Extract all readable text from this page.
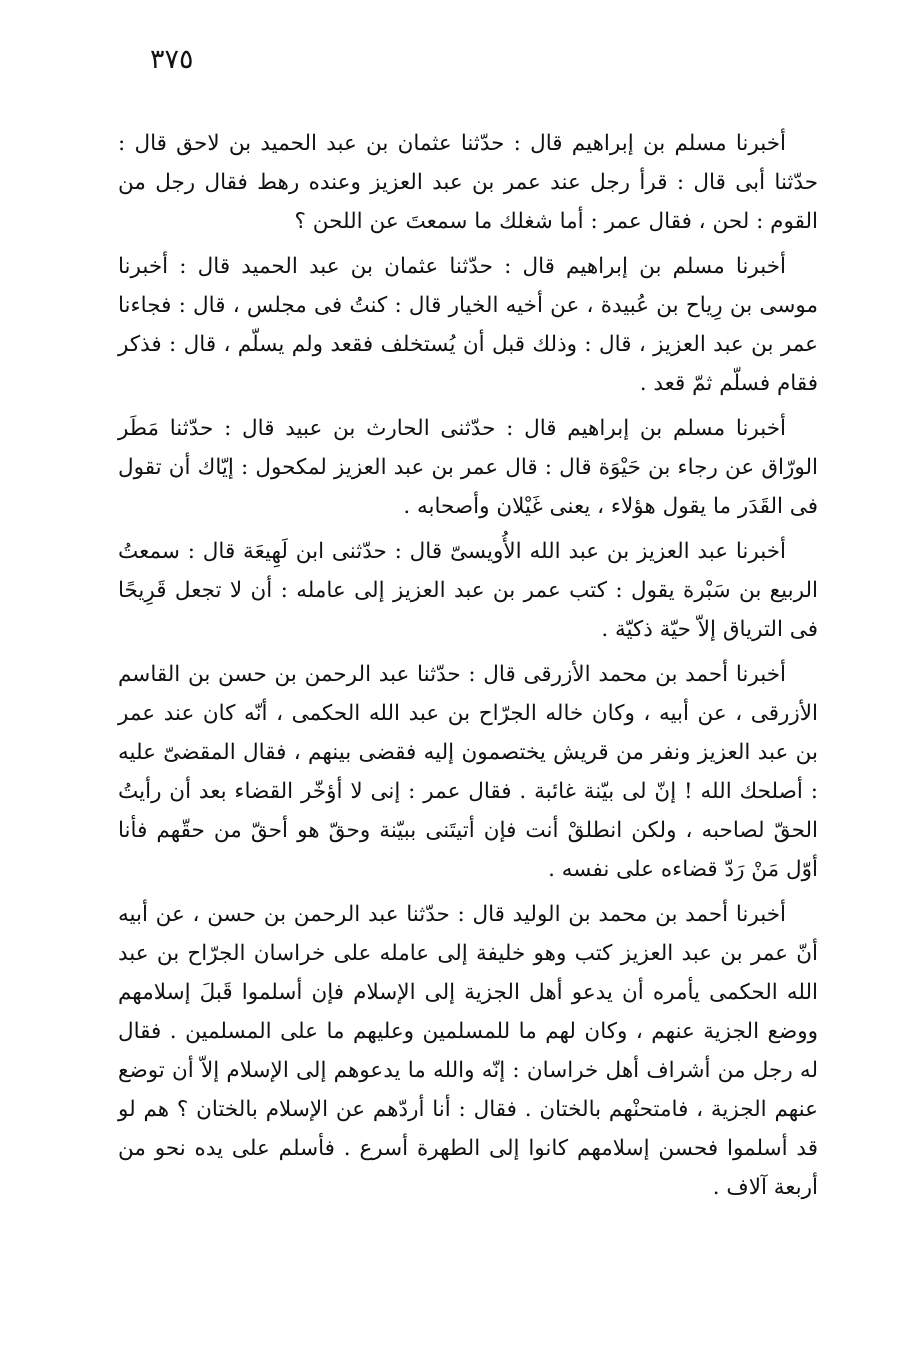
٣٧٥

أخبرنا مسلم بن إبراهيم قال : حدّثنا عثمان بن عبد الحميد بن لاحق قال : حدّثنا أبى قال : قرأ رجل عند عمر بن عبد العزيز وعنده رهط فقال رجل من القوم : لحن ، فقال عمر : أما شغلك ما سمعتَ عن اللحن ؟

أخبرنا مسلم بن إبراهيم قال : حدّثنا عثمان بن عبد الحميد قال : أخبرنا موسى بن رِياح بن عُبيدة ، عن أخيه الخيار قال : كنتُ فى مجلس ، قال : فجاءنا عمر بن عبد العزيز ، قال : وذلك قبل أن يُستخلف فقعد ولم يسلّم ، قال : فذكر فقام فسلّم ثمّ قعد .

أخبرنا مسلم بن إبراهيم قال : حدّثنى الحارث بن عبيد قال : حدّثنا مَطَر الورّاق عن رجاء بن حَيْوَة قال : قال عمر بن عبد العزيز لمكحول : إيّاك أن تقول فى القَدَر ما يقول هؤلاء ، يعنى غَيْلان وأصحابه .

أخبرنا عبد العزيز بن عبد الله الأُويسىّ قال : حدّثنى ابن لَهِيعَة قال : سمعتُ الربيع بن سَبْرة يقول : كتب عمر بن عبد العزيز إلى عامله : أن لا تجعل قَرِيحًا فى الترياق إلاّ حيّة ذكيّة .

أخبرنا أحمد بن محمد الأزرقى قال : حدّثنا عبد الرحمن بن حسن بن القاسم الأزرقى ، عن أبيه ، وكان خاله الجرّاح بن عبد الله الحكمى ، أنّه كان عند عمر بن عبد العزيز ونفر من قريش يختصمون إليه فقضى بينهم ، فقال المقضىّ عليه : أصلحك الله ! إنّ لى بيّنة غائبة . فقال عمر : إنى لا أؤخّر القضاء بعد أن رأيتُ الحقّ لصاحبه ، ولكن انطلقْ أنت فإن أتيتَنى ببيّنة وحقّ هو أحقّ من حقّهم فأنا أوّل مَنْ رَدّ قضاءه على نفسه .

أخبرنا أحمد بن محمد بن الوليد قال : حدّثنا عبد الرحمن بن حسن ، عن أبيه أنّ عمر بن عبد العزيز كتب وهو خليفة إلى عامله على خراسان الجرّاح بن عبد الله الحكمى يأمره أن يدعو أهل الجزية إلى الإسلام فإن أسلموا قَبلَ إسلامهم ووضع الجزية عنهم ، وكان لهم ما للمسلمين وعليهم ما على المسلمين . فقال له رجل من أشراف أهل خراسان : إنّه والله ما يدعوهم إلى الإسلام إلاّ أن توضع عنهم الجزية ، فامتحنْهم بالختان . فقال : أنا أردّهم عن الإسلام بالختان ؟ هم لو قد أسلموا فحسن إسلامهم كانوا إلى الطهرة أسرع . فأسلم على يده نحو من أربعة آلاف .
